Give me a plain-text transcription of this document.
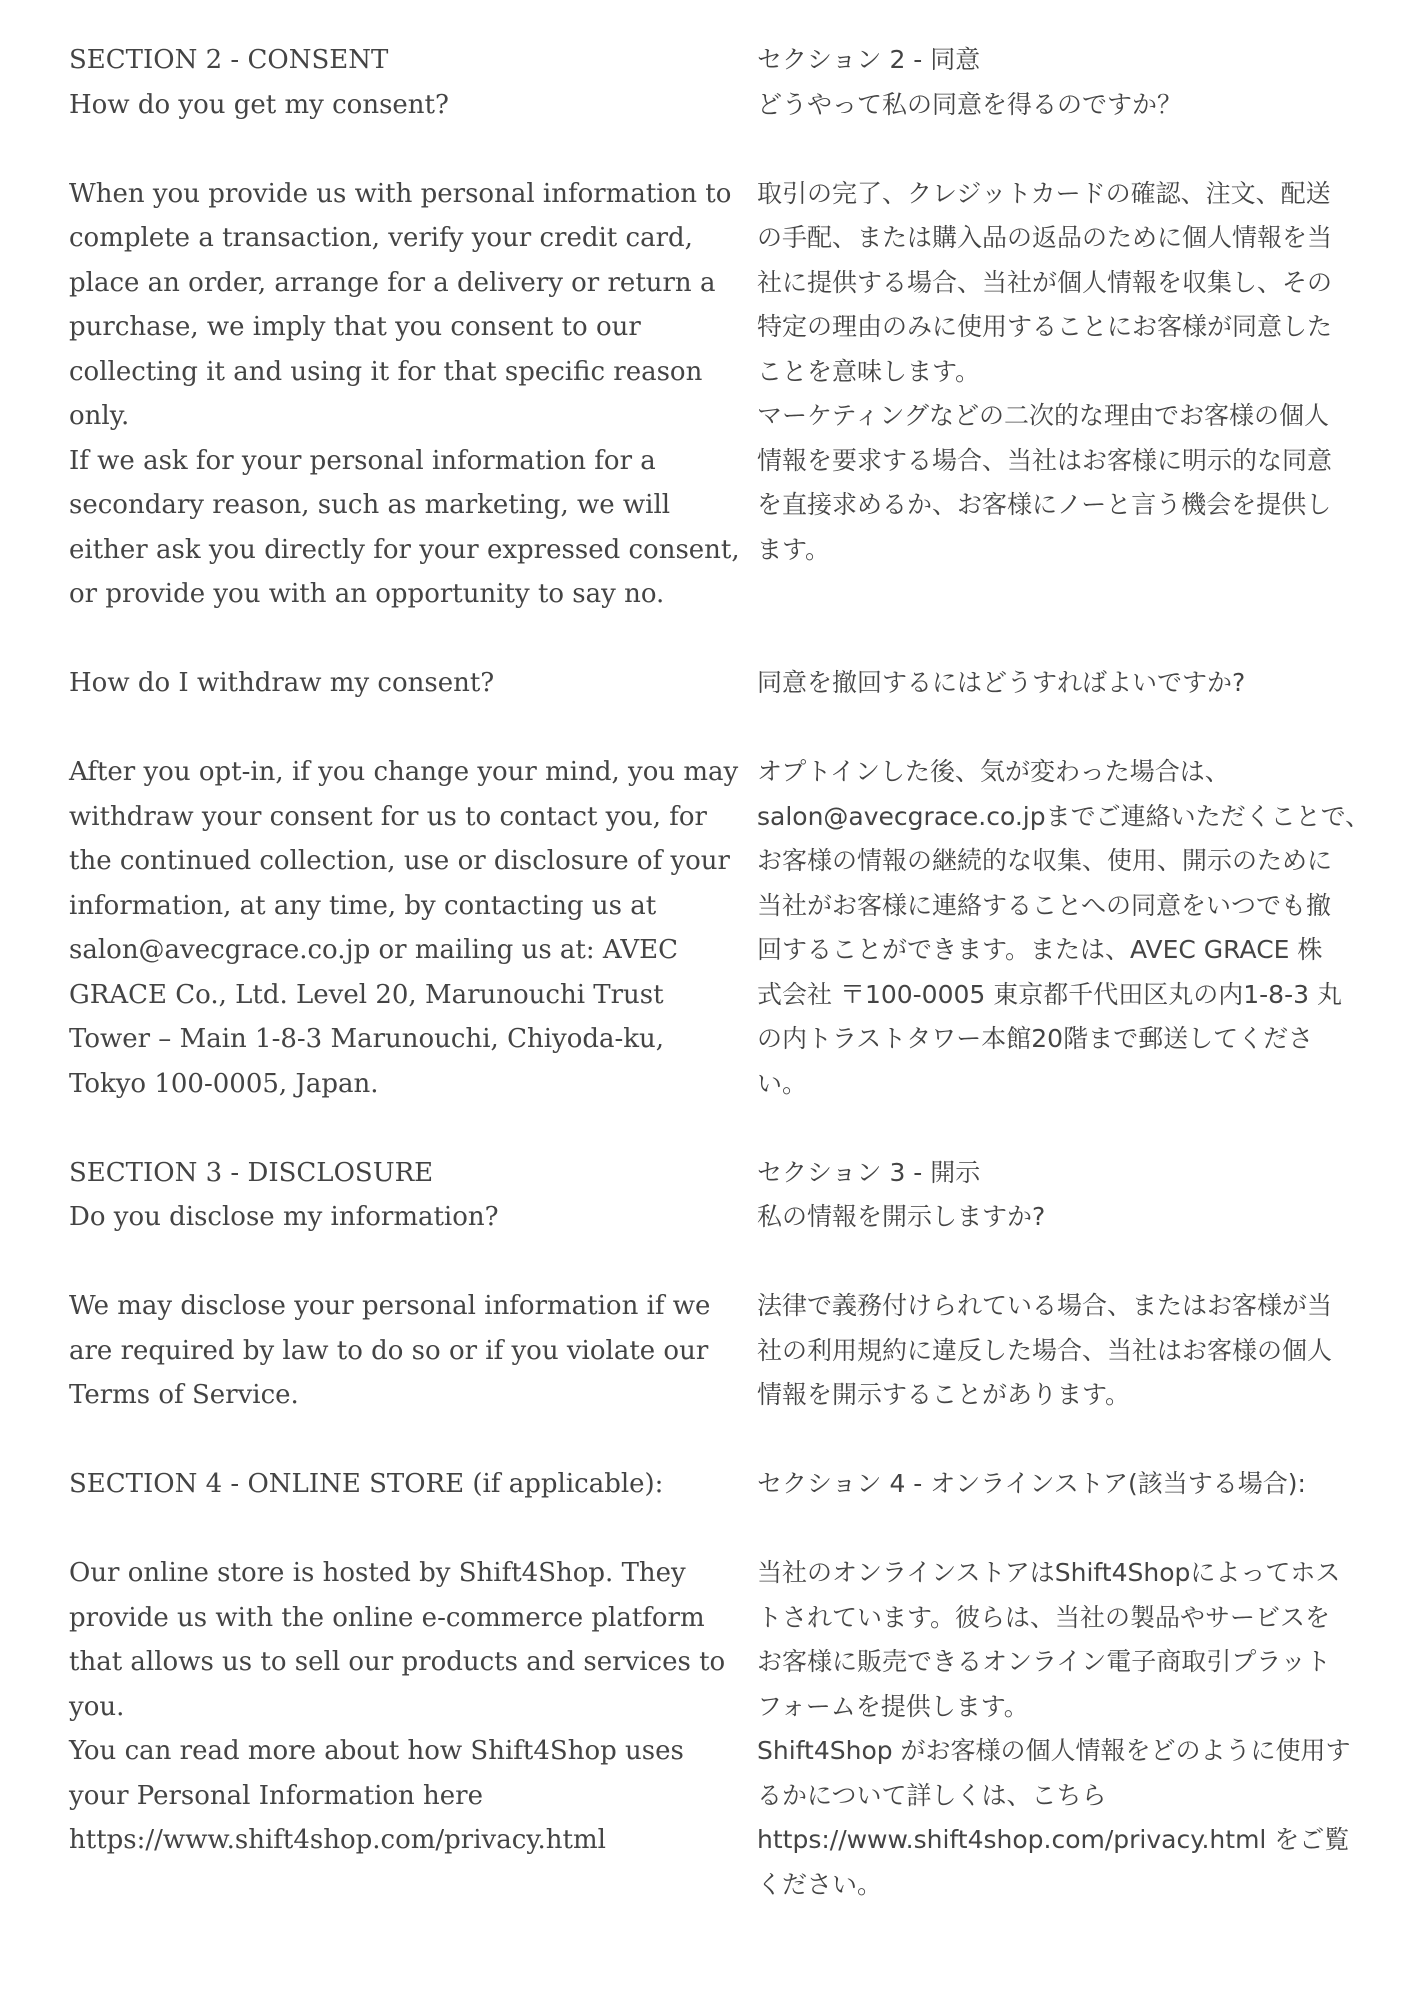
SECTION 2 - CONSENT
How do you get my consent?
When you provide us with personal information to
complete a transaction, verify your credit card,
place an order, arrange for a delivery or return a
purchase, we imply that you consent to our
collecting it and using it for that specific reason
only.
If we ask for your personal information for a
secondary reason, such as marketing, we will
either ask you directly for your expressed consent,
or provide you with an opportunity to say no.
How do I withdraw my consent?
After you opt-in, if you change your mind, you may
withdraw your consent for us to contact you, for
the continued collection, use or disclosure of your
information, at any time, by contacting us at
salon@avecgrace.co.jp or mailing us at: AVEC
GRACE Co., Ltd. Level 20, Marunouchi Trust
Tower – Main 1-8-3 Marunouchi, Chiyoda-ku,
Tokyo 100-0005, Japan.
SECTION 3 - DISCLOSURE
Do you disclose my information?
We may disclose your personal information if we
are required by law to do so or if you violate our
Terms of Service.
SECTION 4 - ONLINE STORE (if applicable):
Our online store is hosted by Shift4Shop. They
provide us with the online e-commerce platform
that allows us to sell our products and services to
you.
You can read more about how Shift4Shop uses
your Personal Information here
https://www.shift4shop.com/privacy.html
セクション 2 - 同意
どうやって私の同意を得るのですか？
取引の完了、クレジットカードの確認、注文、配送
の手配、または購入品の返品のために個人情報を当
社に提供する場合、当社が個人情報を収集し、その
特定の理由のみに使用することにお客様が同意した
ことを意味します。
マーケティングなどの二次的な理由でお客様の個人
情報を要求する場合、当社はお客様に明示的な同意
を直接求めるか、お客様にノーと言う機会を提供し
ます。
同意を撤回するにはどうすればよいですか?
オプトインした後、気が変わった場合は、
salon@avecgrace.co.jpまでご連絡いただくことで、
お客様の情報の継続的な収集、使用、開示のために
当社がお客様に連絡することへの同意をいつでも撤
回することができます。または、AVEC GRACE 株
式会社 〒100-0005 東京都千代田区丸の内1-8-3 丸
の内トラストタワー本館20階まで郵送してくださ
い。
セクション 3 - 開示
私の情報を開示しますか?
法律で義務付けられている場合、またはお客様が当
社の利用規約に違反した場合、当社はお客様の個人
情報を開示することがあります。
セクション 4 - オンラインストア(該当する場合):
当社のオンラインストアはShift4Shopによってホス
トされています。彼らは、当社の製品やサービスを
お客様に販売できるオンライン電子商取引プラット
フォームを提供します。
Shift4Shop がお客様の個人情報をどのように使用す
るかについて詳しくは、こちら
https://www.shift4shop.com/privacy.html をご覧
ください。
